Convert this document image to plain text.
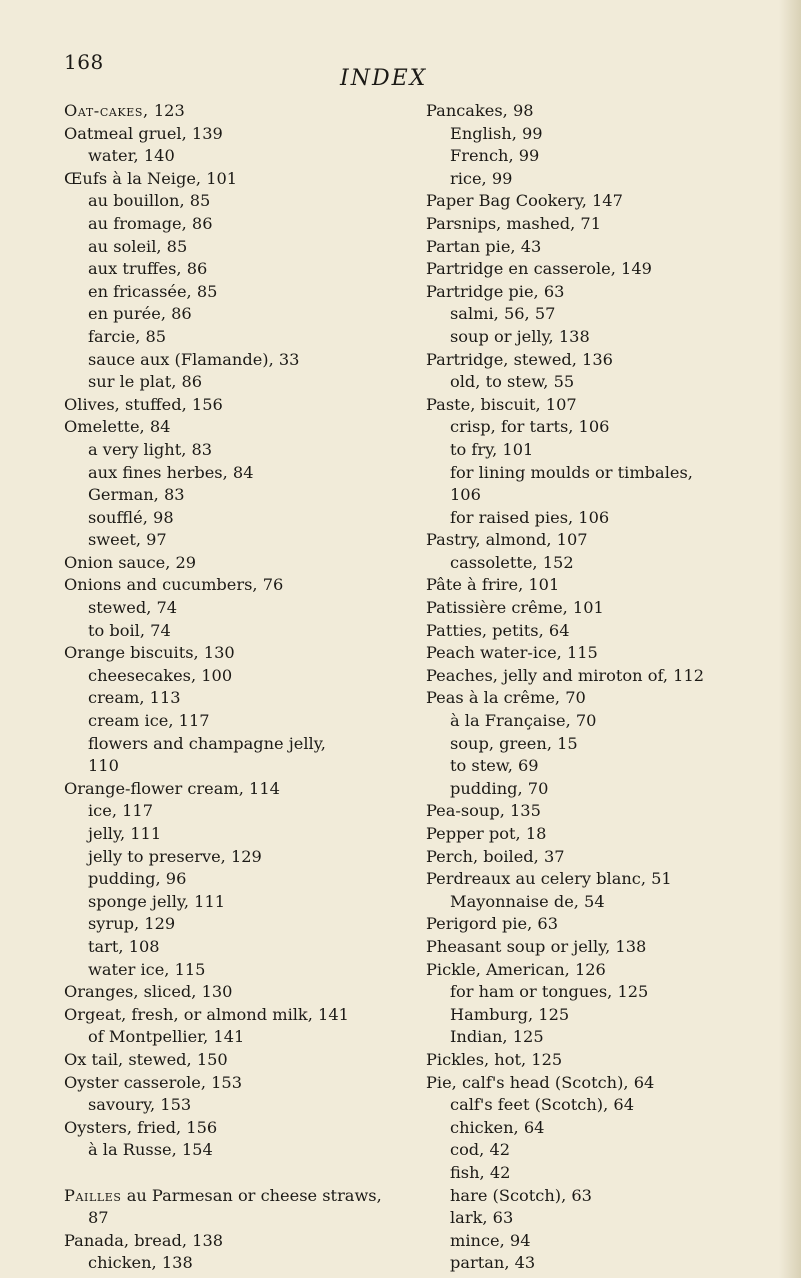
168
INDEX
Oat-cakes, 123
Oatmeal gruel, 139
water, 140
Œufs à la Neige, 101
au bouillon, 85
au fromage, 86
au soleil, 85
aux truffes, 86
en fricassée, 85
en purée, 86
farcie, 85
sauce aux (Flamande), 33
sur le plat, 86
Olives, stuffed, 156
Omelette, 84
a very light, 83
aux fines herbes, 84
German, 83
soufflé, 98
sweet, 97
Onion sauce, 29
Onions and cucumbers, 76
stewed, 74
to boil, 74
Orange biscuits, 130
cheesecakes, 100
cream, 113
cream ice, 117
flowers and champagne jelly,
110
Orange-flower cream, 114
ice, 117
jelly, 111
jelly to preserve, 129
pudding, 96
sponge jelly, 111
syrup, 129
tart, 108
water ice, 115
Oranges, sliced, 130
Orgeat, fresh, or almond milk, 141
of Montpellier, 141
Ox tail, stewed, 150
Oyster casserole, 153
savoury, 153
Oysters, fried, 156
à la Russe, 154
Pailles au Parmesan or cheese straws,
87
Panada, bread, 138
chicken, 138
Pancakes, 98
English, 99
French, 99
rice, 99
Paper Bag Cookery, 147
Parsnips, mashed, 71
Partan pie, 43
Partridge en casserole, 149
Partridge pie, 63
salmi, 56, 57
soup or jelly, 138
Partridge, stewed, 136
old, to stew, 55
Paste, biscuit, 107
crisp, for tarts, 106
to fry, 101
for lining moulds or timbales,
106
for raised pies, 106
Pastry, almond, 107
cassolette, 152
Pâte à frire, 101
Patissière crême, 101
Patties, petits, 64
Peach water-ice, 115
Peaches, jelly and miroton of, 112
Peas à la crême, 70
à la Française, 70
soup, green, 15
to stew, 69
pudding, 70
Pea-soup, 135
Pepper pot, 18
Perch, boiled, 37
Perdreaux au celery blanc, 51
Mayonnaise de, 54
Perigord pie, 63
Pheasant soup or jelly, 138
Pickle, American, 126
for ham or tongues, 125
Hamburg, 125
Indian, 125
Pickles, hot, 125
Pie, calf's head (Scotch), 64
calf's feet (Scotch), 64
chicken, 64
cod, 42
fish, 42
hare (Scotch), 63
lark, 63
mince, 94
partan, 43
